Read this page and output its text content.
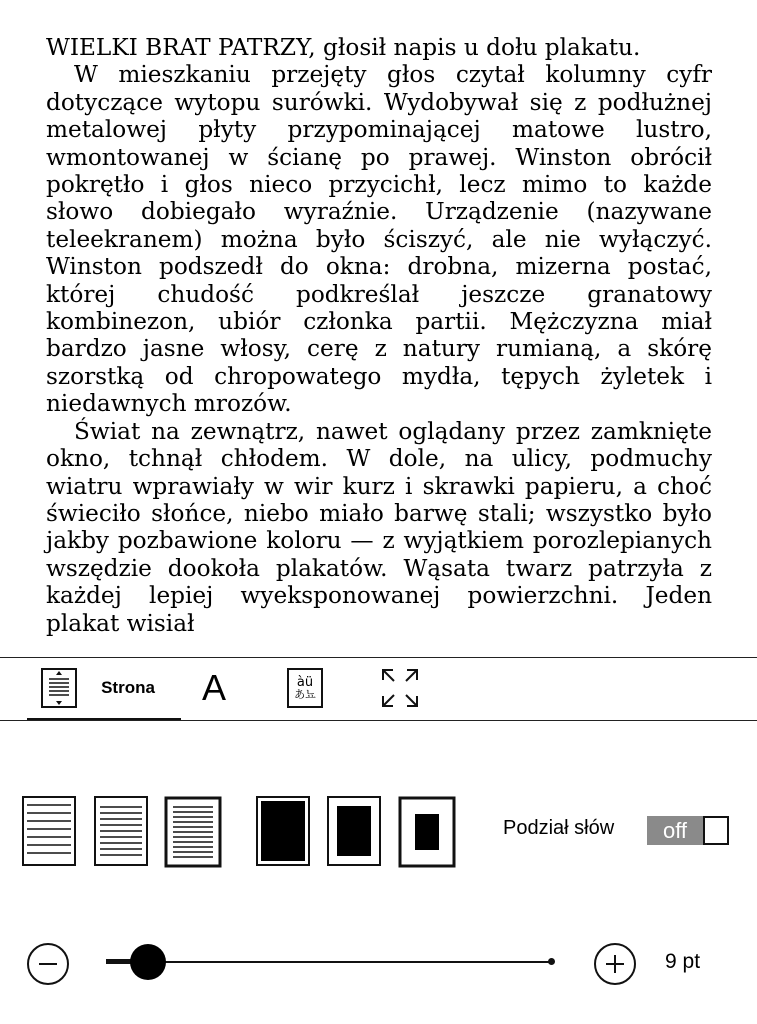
WIELKI BRAT PATRZY, głosił napis u dołu plakatu.

W mieszkaniu przejęty głos czytał kolumny cyfr dotyczące wytopu surówki. Wydobywał się z podłużnej metalowej płyty przypominającej matowe lustro, wmontowanej w ścianę po prawej. Winston obrócił pokrętło i głos nieco przycichł, lecz mimo to każde słowo dobiegało wyraźnie. Urządzenie (nazywane teleekranem) można było ściszyć, ale nie wyłączyć. Winston podszedł do okna: drobna, mizerna postać, której chudość podkreślał jeszcze granatowy kombinezon, ubiór członka partii. Mężczyzna miał bardzo jasne włosy, cerę z natury rumianą, a skórę szorstką od chropowatego mydła, tępych żyletek i niedawnych mrozów.

Świat na zewnątrz, nawet oglądany przez zamknięte okno, tchnął chłodem. W dole, na ulicy, podmuchy wiatru wprawiały w wir kurz i skrawki papieru, a choć świeciło słońce, niebo miało barwę stali; wszystko było jakby pozbawione koloru — z wyjątkiem porozlepianych wszędzie dookoła plakatów. Wąsata twarz patrzyła z każdej lepiej wyeksponowanej powierzchni. Jeden plakat wisiał

Strona A	àü
あ뇨
Podział słów	off
9 pt
